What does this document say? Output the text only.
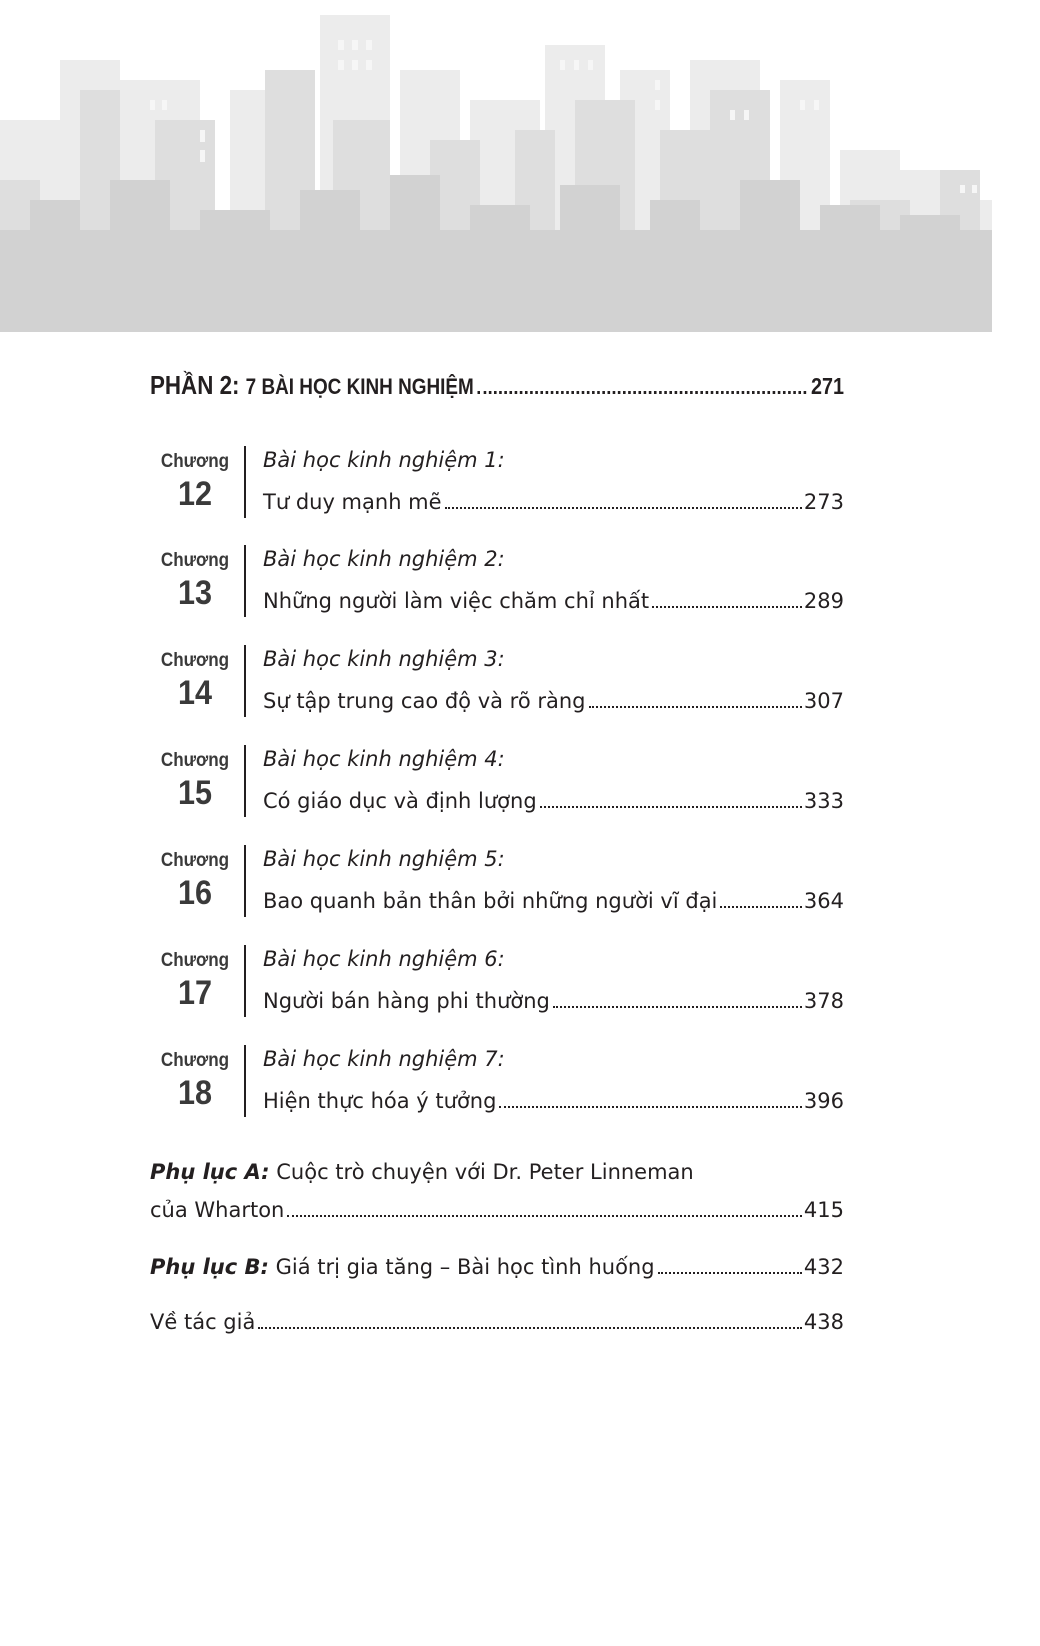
PHẦN 2: 7 BÀI HỌC KINH NGHIỆM	271
Chương
12
Bài học kinh nghiệm 1:
Tư duy mạnh mẽ	273
Chương
13
Bài học kinh nghiệm 2:
Những người làm việc chăm chỉ nhất	289
Chương
14
Bài học kinh nghiệm 3:
Sự tập trung cao độ và rõ ràng	307
Chương
15
Bài học kinh nghiệm 4:
Có giáo dục và định lượng	333
Chương
16
Bài học kinh nghiệm 5:
Bao quanh bản thân bởi những người vĩ đại	364
Chương
17
Bài học kinh nghiệm 6:
Người bán hàng phi thường	378
Chương
18
Bài học kinh nghiệm 7:
Hiện thực hóa ý tưởng	396
Phụ lục A: Cuộc trò chuyện với Dr. Peter Linneman
của Wharton	415
Phụ lục B: Giá trị gia tăng – Bài học tình huống	432
Về tác giả	438
